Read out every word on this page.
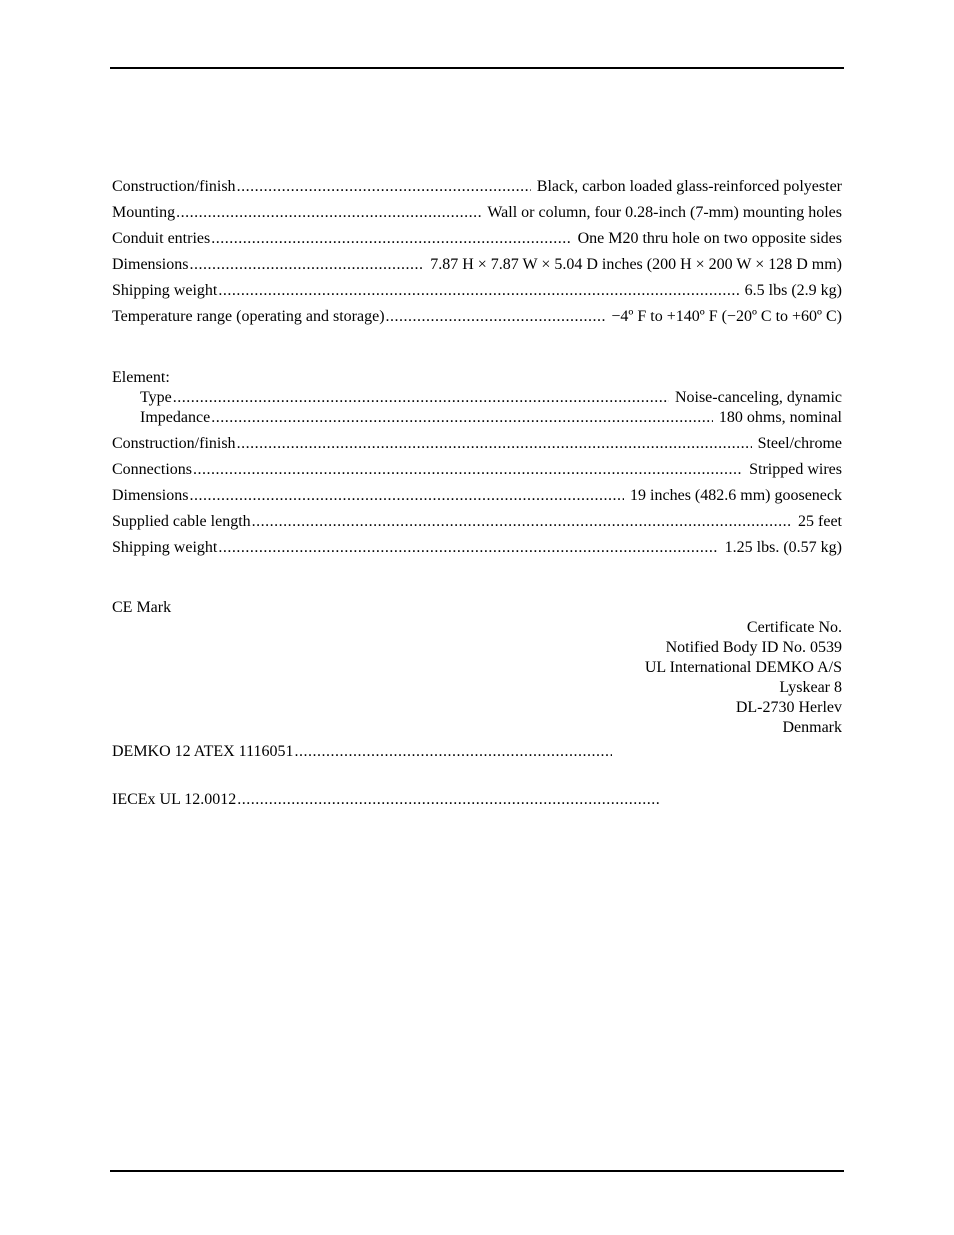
Construction/finish .....	Black, carbon loaded glass-reinforced polyester
Mounting .....	Wall or column, four 0.28-inch (7-mm) mounting holes
Conduit entries .....	One M20 thru hole on two opposite sides
Dimensions .....	7.87 H × 7.87 W × 5.04 D inches (200 H × 200 W × 128 D mm)
Shipping weight .....	6.5 lbs (2.9 kg)
Temperature range (operating and storage) .....	−4º F to +140º F (−20º C to +60º C)
Element:
Type .....	Noise-canceling, dynamic
Impedance .....	180 ohms, nominal
Construction/finish .....	Steel/chrome
Connections .....	Stripped wires
Dimensions .....	19 inches (482.6 mm) gooseneck
Supplied cable length .....	25 feet
Shipping weight .....	1.25 lbs. (0.57 kg)
CE Mark
Certificate No.
Notified Body ID No. 0539
UL International DEMKO A/S
Lyskear 8
DL-2730 Herlev
Denmark
DEMKO 12 ATEX 1116051
.....
IECEx UL 12.0012
.....
